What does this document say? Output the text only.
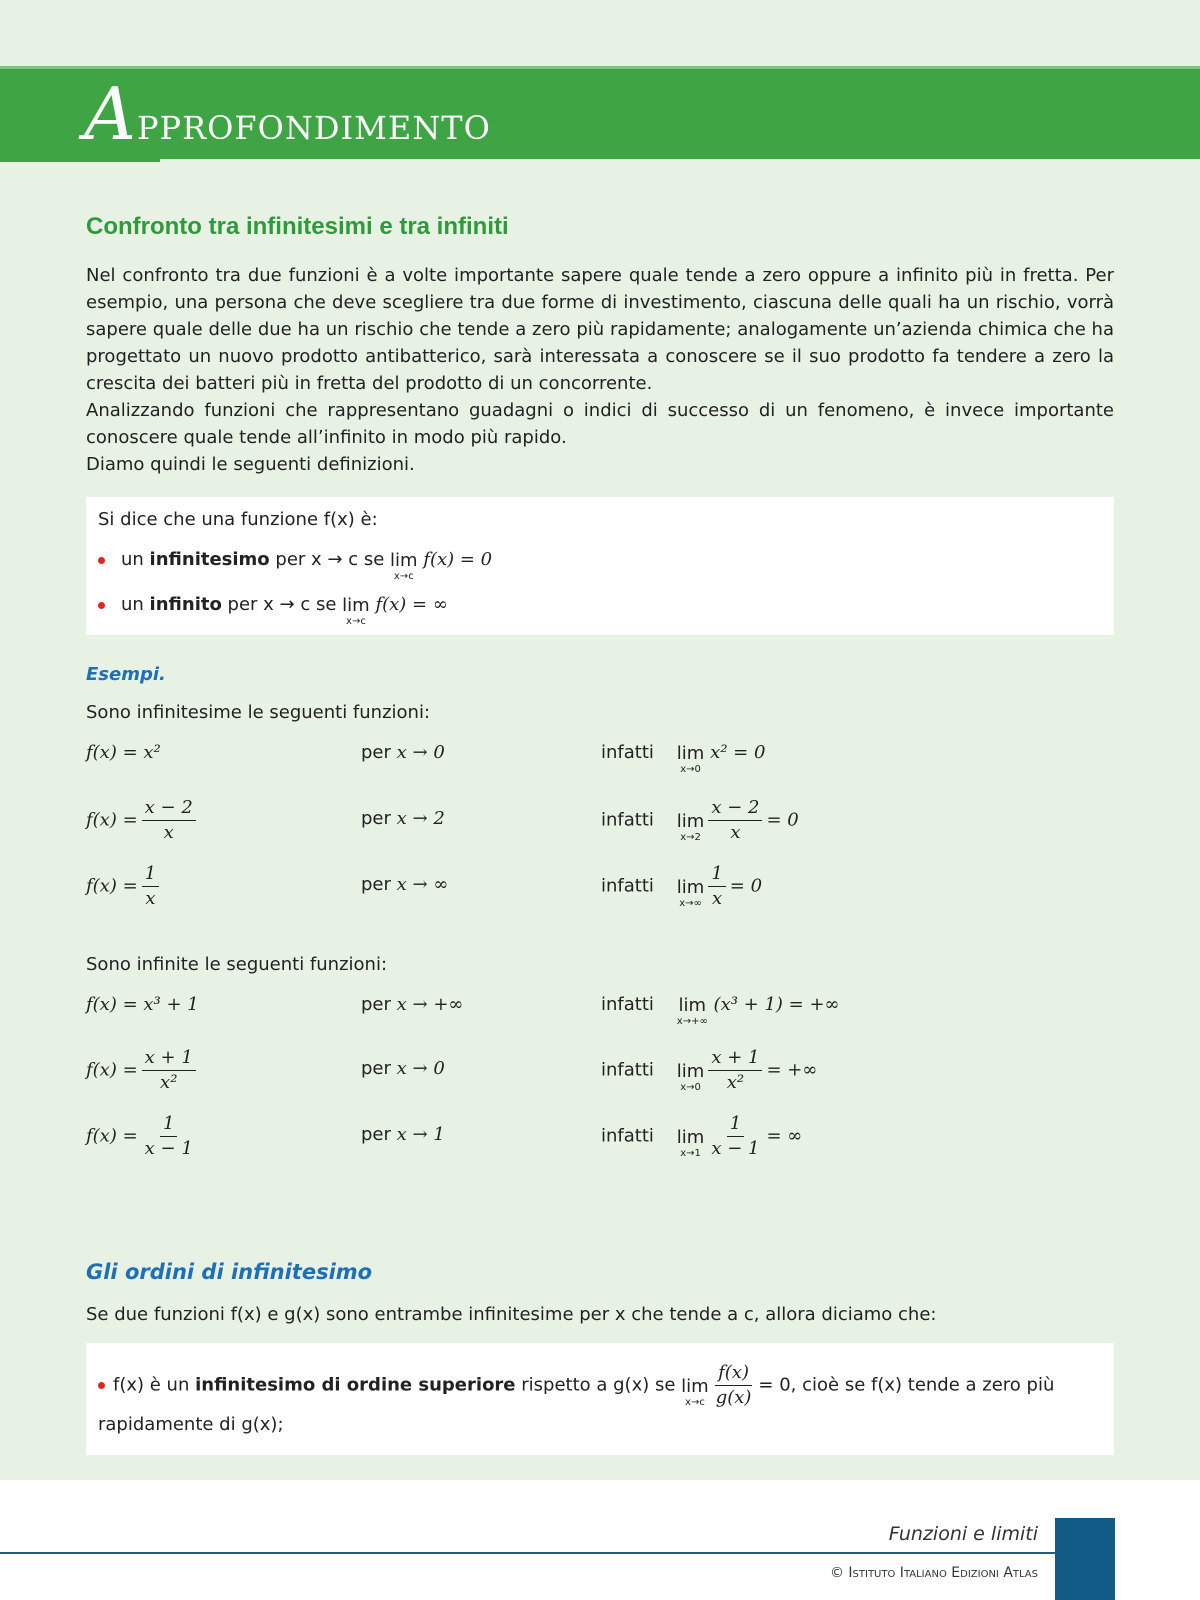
Approfondimento
Confronto tra infinitesimi e tra infiniti

Nel confronto tra due funzioni è a volte importante sapere quale tende a zero oppure a infinito più in fretta. Per esempio, una persona che deve scegliere tra due forme di investimento, ciascuna delle quali ha un rischio, vorrà sapere quale delle due ha un rischio che tende a zero più rapidamente; analogamente un’azienda chimica che ha progettato un nuovo prodotto antibatterico, sarà interessata a conoscere se il suo prodotto fa tendere a zero la crescita dei batteri più in fretta del prodotto di un concorrente.

Analizzando funzioni che rappresentano guadagni o indici di successo di un fenomeno, è invece importante conoscere quale tende all’infinito in modo più rapido.

Diamo quindi le seguenti definizioni.

Si dice che una funzione f(x) è:
un infinitesimo per x → c se lim
x→c
f(x) = 0
un infinito per x → c se lim
x→c
f(x) = ∞
Esempi.
Sono infinitesime le seguenti funzioni:
f(x) = x²	per x → 0	infatti lim
x→0
x² = 0
$f(x) = \frac{x - 2}{x}$	per x → 2	infatti lim
$x\to 2 \frac{x - 2}{x} = 0$
$f(x) = \frac{1}{x}$	per x → ∞	infatti lim
$x\to\infty \frac{1}{x} = 0$
Sono infinite le seguenti funzioni:
f(x) = x³ + 1	per x → +∞	infatti lim
x→+∞
(x³ + 1) = +∞
$f(x) = \frac{x + 1}{\text{x²}}$	per x → 0	infatti lim
$x\to 0 \frac{x + 1}{\text{x²}}$ = +∞
$f(x) = \frac{1}{x - 1}$	per x → 1	infatti lim
$x\to 1 \frac{1}{x - 1}$ = ∞
Gli ordini di infinitesimo
Se due funzioni f(x) e g(x) sono entrambe infinitesime per x che tende a c, allora diciamo che:
f(x) è un infinitesimo di ordine superiore rispetto a g(x) se lim
$x\to c \frac{f(x)}{g(x)} = 0$, cioè se f(x) tende a zero più rapidamente di g(x);
Funzioni e limiti
© Istituto Italiano Edizioni Atlas
